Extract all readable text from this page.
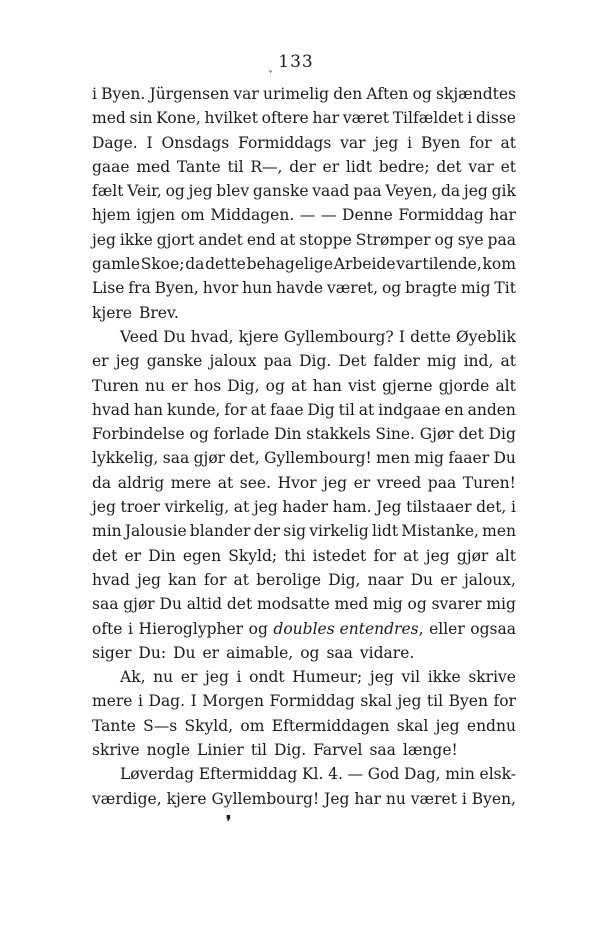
133
ˇ
i Byen. Jürgensen var urimelig den Aften og skjændtes
med sin Kone, hvilket oftere har været Tilfældet i disse
Dage. I Onsdags Formiddags var jeg i Byen for at
gaae med Tante til R—, der er lidt bedre; det var et
fælt Veir, og jeg blev ganske vaad paa Veyen, da jeg gik
hjem igjen om Middagen. — — Denne Formiddag har
jeg ikke gjort andet end at stoppe Strømper og sye paa
gamle Skoe; da dette behagelige Arbeide var tilende, kom
Lise fra Byen, hvor hun havde været, og bragte mig Tit
kjere Brev.
Veed Du hvad, kjere Gyllembourg? I dette Øyeblik
er jeg ganske jaloux paa Dig. Det falder mig ind, at
Turen nu er hos Dig, og at han vist gjerne gjorde alt
hvad han kunde, for at faae Dig til at indgaae en anden
Forbindelse og forlade Din stakkels Sine. Gjør det Dig
lykkelig, saa gjør det, Gyllembourg! men mig faaer Du
da aldrig mere at see. Hvor jeg er vreed paa Turen!
jeg troer virkelig, at jeg hader ham. Jeg tilstaaer det, i
min Jalousie blander der sig virkelig lidt Mistanke, men
det er Din egen Skyld; thi istedet for at jeg gjør alt
hvad jeg kan for at berolige Dig, naar Du er jaloux,
saa gjør Du altid det modsatte med mig og svarer mig
ofte i Hieroglypher og doubles entendres, eller ogsaa
siger Du: Du er aimable, og saa vidare.
Ak, nu er jeg i ondt Humeur; jeg vil ikke skrive
mere i Dag. I Morgen Formiddag skal jeg til Byen for
Tante S—s Skyld, om Eftermiddagen skal jeg endnu
skrive nogle Linier til Dig. Farvel saa længe!
Løverdag Eftermiddag Kl. 4. — God Dag, min elsk-
værdige, kjere Gyllembourg! Jeg har nu været i Byen,
❜
